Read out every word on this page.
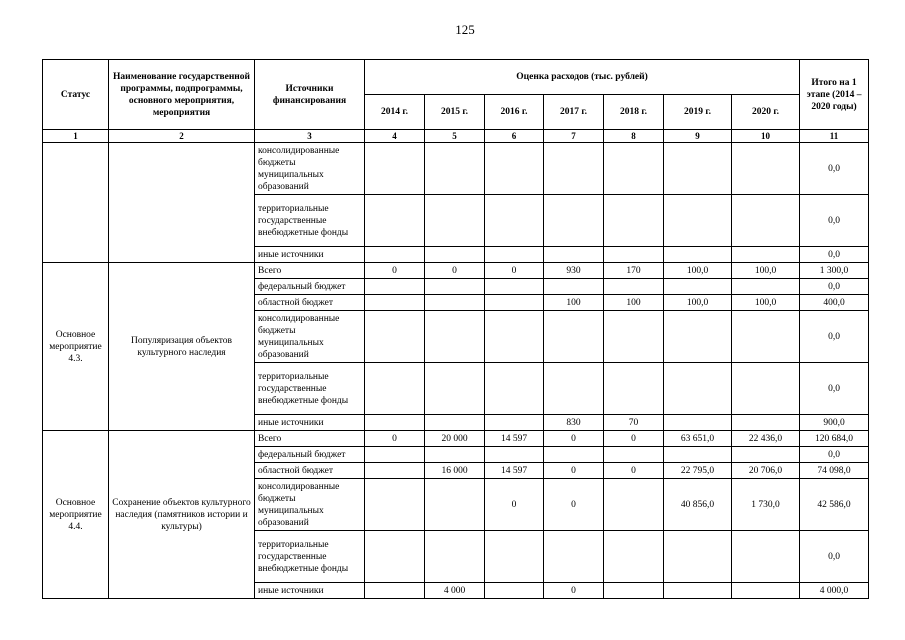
125
Статус	Наименование государственной программы, подпрограммы, основного мероприятия, мероприятия	Источники финансирования	Оценка расходов (тыс. рублей)							Итого на 1 этапе (2014 – 2020 годы)
			2014 г.	2015 г.	2016 г.	2017 г.	2018 г.	2019 г.	2020 г.	
1	2	3	4	5	6	7	8	9	10	11
		консолидированные бюджеты муниципальных образований								0,0
		территориальные государственные внебюджетные фонды								0,0
		иные источники								0,0
Основное мероприятие 4.3.	Популяризация объектов культурного наследия	Всего	0	0	0	930	170	100,0	100,0	1 300,0
		федеральный бюджет								0,0
		областной бюджет				100	100	100,0	100,0	400,0
		консолидированные бюджеты муниципальных образований								0,0
		территориальные государственные внебюджетные фонды								0,0
		иные источники				830	70			900,0
Основное мероприятие 4.4.	Сохранение объектов культурного наследия (памятников истории и культуры)	Всего	0	20 000	14 597	0	0	63 651,0	22 436,0	120 684,0
		федеральный бюджет								0,0
		областной бюджет		16 000	14 597	0	0	22 795,0	20 706,0	74 098,0
		консолидированные бюджеты муниципальных образований			0	0		40 856,0	1 730,0	42 586,0
		территориальные государственные внебюджетные фонды								0,0
		иные источники		4 000		0				4 000,0
